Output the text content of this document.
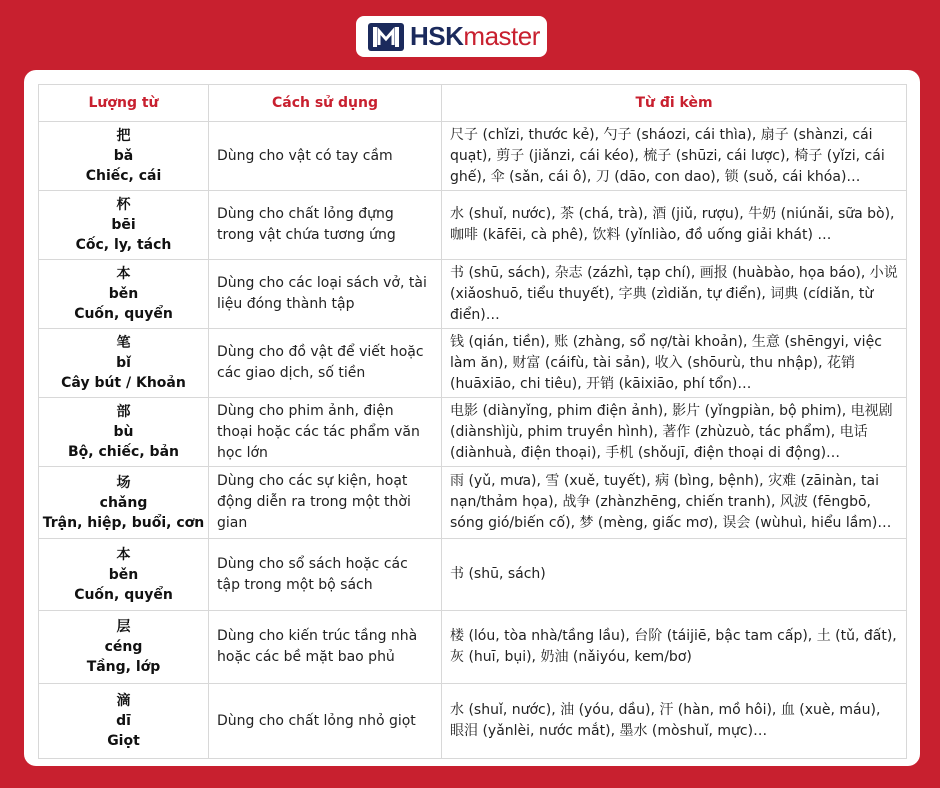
HSKmaster
Lượng từ	Cách sử dụng	Từ đi kèm

把
bǎ
Chiếc, cái	Dùng cho vật có tay cầm	尺子 (chǐzi, thước kẻ), 勺子 (sháozi, cái thìa), 扇子 (shànzi, cái quạt), 剪子 (jiǎnzi, cái kéo), 梳子 (shūzi, cái lược), 椅子 (yǐzi, cái ghế), 伞 (sǎn, cái ô), 刀 (dāo, con dao), 锁 (suǒ, cái khóa)…

杯
bēi
Cốc, ly, tách	Dùng cho chất lỏng đựng trong vật chứa tương ứng	水 (shuǐ, nước), 茶 (chá, trà), 酒 (jiǔ, rượu), 牛奶 (niúnǎi, sữa bò), 咖啡 (kāfēi, cà phê), 饮料 (yǐnliào, đồ uống giải khát) …

本
běn
Cuốn, quyển	Dùng cho các loại sách vở, tài liệu đóng thành tập	书 (shū, sách), 杂志 (zázhì, tạp chí), 画报 (huàbào, họa báo), 小说 (xiǎoshuō, tiểu thuyết), 字典 (zìdiǎn, tự điển), 词典 (cídiǎn, từ điển)…

笔
bǐ
Cây bút / Khoản	Dùng cho đồ vật để viết hoặc các giao dịch, số tiền	钱 (qián, tiền), 账 (zhàng, sổ nợ/tài khoản), 生意 (shēngyi, việc làm ăn), 财富 (cáifù, tài sản), 收入 (shōurù, thu nhập), 花销 (huāxiāo, chi tiêu), 开销 (kāixiāo, phí tổn)…

部
bù
Bộ, chiếc, bản	Dùng cho phim ảnh, điện thoại hoặc các tác phẩm văn học lớn	电影 (diànyǐng, phim điện ảnh), 影片 (yǐngpiàn, bộ phim), 电视剧 (diànshìjù, phim truyền hình), 著作 (zhùzuò, tác phẩm), 电话 (diànhuà, điện thoại), 手机 (shǒujī, điện thoại di động)…

场
chǎng
Trận, hiệp, buổi, cơn	Dùng cho các sự kiện, hoạt động diễn ra trong một thời gian	雨 (yǔ, mưa), 雪 (xuě, tuyết), 病 (bìng, bệnh), 灾难 (zāinàn, tai nạn/thảm họa), 战争 (zhànzhēng, chiến tranh), 风波 (fēngbō, sóng gió/biến cố), 梦 (mèng, giấc mơ), 误会 (wùhuì, hiểu lầm)…

本
běn
Cuốn, quyển	Dùng cho sổ sách hoặc các tập trong một bộ sách	书 (shū, sách)

层
céng
Tầng, lớp	Dùng cho kiến trúc tầng nhà hoặc các bề mặt bao phủ	楼 (lóu, tòa nhà/tầng lầu), 台阶 (táijiē, bậc tam cấp), 土 (tǔ, đất), 灰 (huī, bụi), 奶油 (nǎiyóu, kem/bơ)

滴
dī
Giọt	Dùng cho chất lỏng nhỏ giọt	水 (shuǐ, nước), 油 (yóu, dầu), 汗 (hàn, mồ hôi), 血 (xuè, máu), 眼泪 (yǎnlèi, nước mắt), 墨水 (mòshuǐ, mực)…
